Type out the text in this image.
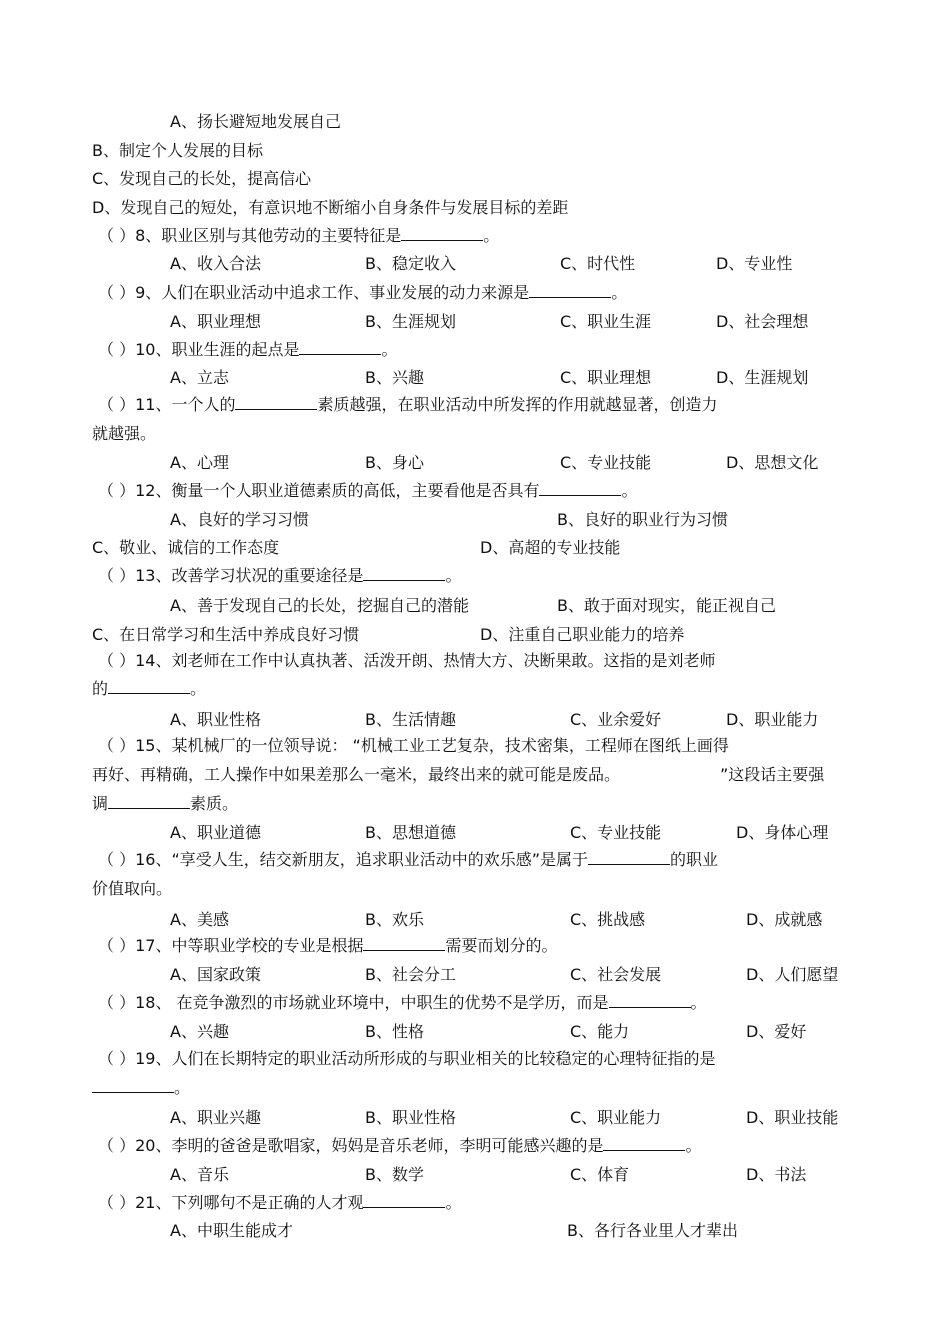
A、扬长避短地发展自己
B、制定个人发展的目标
C、发现自己的长处，提高信心
D、发现自己的短处，有意识地不断缩小自身条件与发展目标的差距
（ ）8、职业区别与其他劳动的主要特征是	。
A、收入合法	B、稳定收入	C、时代性	D、专业性
（ ）9、人们在职业活动中追求工作、事业发展的动力来源是	。
A、职业理想	B、生涯规划	C、职业生涯	D、社会理想
（ ）10、职业生涯的起点是	。
A、立志	B、兴趣	C、职业理想	D、生涯规划
（ ）11、一个人的	素质越强，在职业活动中所发挥的作用就越显著，创造力
就越强。
A、心理	B、身心	C、专业技能	D、思想文化
（ ）12、衡量一个人职业道德素质的高低，主要看他是否具有	。
A、良好的学习习惯	B、良好的职业行为习惯
C、敬业、诚信的工作态度	D、高超的专业技能
（ ）13、改善学习状况的重要途径是	。
A、善于发现自己的长处，挖掘自己的潜能	B、敢于面对现实，能正视自己
C、在日常学习和生活中养成良好习惯	D、注重自己职业能力的培养
（ ）14、刘老师在工作中认真执著、活泼开朗、热情大方、决断果敢。这指的是刘老师
的	。
A、职业性格	B、生活情趣	C、业余爱好	D、职业能力
（ ）15、某机械厂的一位领导说： “机械工业工艺复杂，技术密集，工程师在图纸上画得
再好、再精确，工人操作中如果差那么一毫米，最终出来的就可能是废品。	”这段话主要强
调	素质。
A、职业道德	B、思想道德	C、专业技能	D、身体心理
（ ）16、“享受人生，结交新朋友，追求职业活动中的欢乐感”是属于	的职业
价值取向。
A、美感	B、欢乐	C、挑战感	D、成就感
（ ）17、中等职业学校的专业是根据	需要而划分的。
A、国家政策	B、社会分工	C、社会发展	D、人们愿望
（ ）18、 在竞争激烈的市场就业环境中，中职生的优势不是学历，而是	。
A、兴趣	B、性格	C、能力	D、爱好
（ ）19、人们在长期特定的职业活动所形成的与职业相关的比较稳定的心理特征指的是
。
A、职业兴趣	B、职业性格	C、职业能力	D、职业技能
（ ）20、李明的爸爸是歌唱家，妈妈是音乐老师，李明可能感兴趣的是	。
A、音乐	B、数学	C、体育	D、书法
（ ）21、下列哪句不是正确的人才观	。
A、中职生能成才	B、各行各业里人才辈出
